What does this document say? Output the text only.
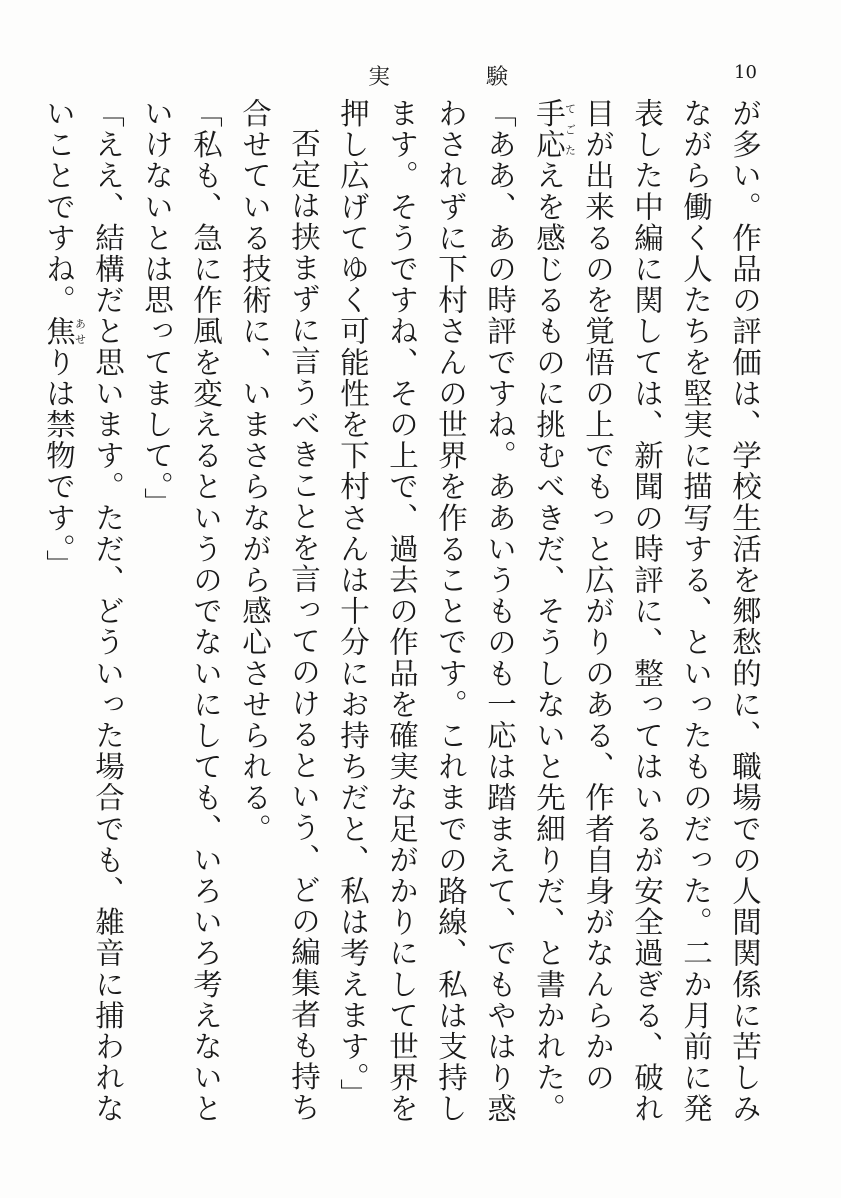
実験	10

が多い。作品の評価は、学校生活を郷愁的に、職場での人間関係に苦しみながら働く人たちを堅実に描写する、といったものだった。二か月前に発表した中編に関しては、新聞の時評に、整ってはいるが安全過ぎる、破れ目が出来るのを覚悟の上でもっと広がりのある、作者自身がなんらかの手応てごたえを感じるものに挑むべきだ、そうしないと先細りだ、と書かれた。

「ああ、あの時評ですね。ああいうものも一応は踏まえて、でもやはり惑わされずに下村さんの世界を作ることです。これまでの路線、私は支持します。そうですね、その上で、過去の作品を確実な足がかりにして世界を押し広げてゆく可能性を下村さんは十分にお持ちだと、私は考えます。」

否定は挟まずに言うべきことを言ってのけるという、どの編集者も持ち合せている技術に、いまさらながら感心させられる。

「私も、急に作風を変えるというのでないにしても、いろいろ考えないといけないとは思ってまして。」

「ええ、結構だと思います。ただ、どういった場合でも、雑音に捕われないことですね。焦あせりは禁物です。」
